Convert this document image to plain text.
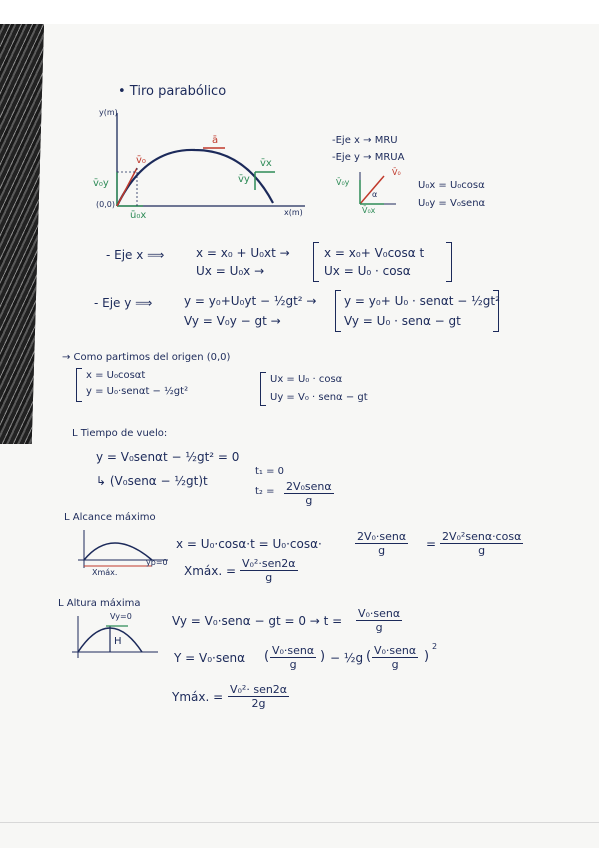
• Tiro parabólico
y(m)
x(m)
(0,0)
v̄₀
v̄₀y
ū₀x
ā
v̄x
v̄y
-Eje x → MRU
-Eje y → MRUA
V̄₀
V̄₀y
V̄₀x
α
U₀x = U₀cosα
U₀y = V₀senα
- Eje x ⟹	x = x₀ + U₀xt →
Ux = U₀x →
x = x₀+ V₀cosα t
Ux = U₀ · cosα
- Eje y ⟹	y = y₀+U₀yt − ½gt² →
Vy = V₀y − gt →
y = y₀+ U₀ · senαt − ½gt²
Vy = U₀ · senα − gt
→ Como partimos del origen (0,0)
x = U₀cosαt
y = U₀·senαt − ½gt²
Ux = U₀ · cosα
Uy = V₀ · senα − gt
L Tiempo de vuelo:
y = V₀senαt − ½gt² = 0
↳ (V₀senα − ½gt)t
t₁ = 0
t₂ = 2V₀senα
g
L Alcance máximo
Xmáx.
yp=0
x = U₀·cosα·t = U₀·cosα·
2V₀·senα
g	=
2V₀²senα·cosα
g
Xmáx. =
V₀²·sen2α
g
L Altura máxima
Vy=0
H
Vy = V₀·senα − gt = 0 → t =
V₀·senα
g
Y = V₀·senα ( V₀·senα
g
) − ½g ( V₀·senα
g
)
2
Ymáx. =
V₀²· sen2α
2g
